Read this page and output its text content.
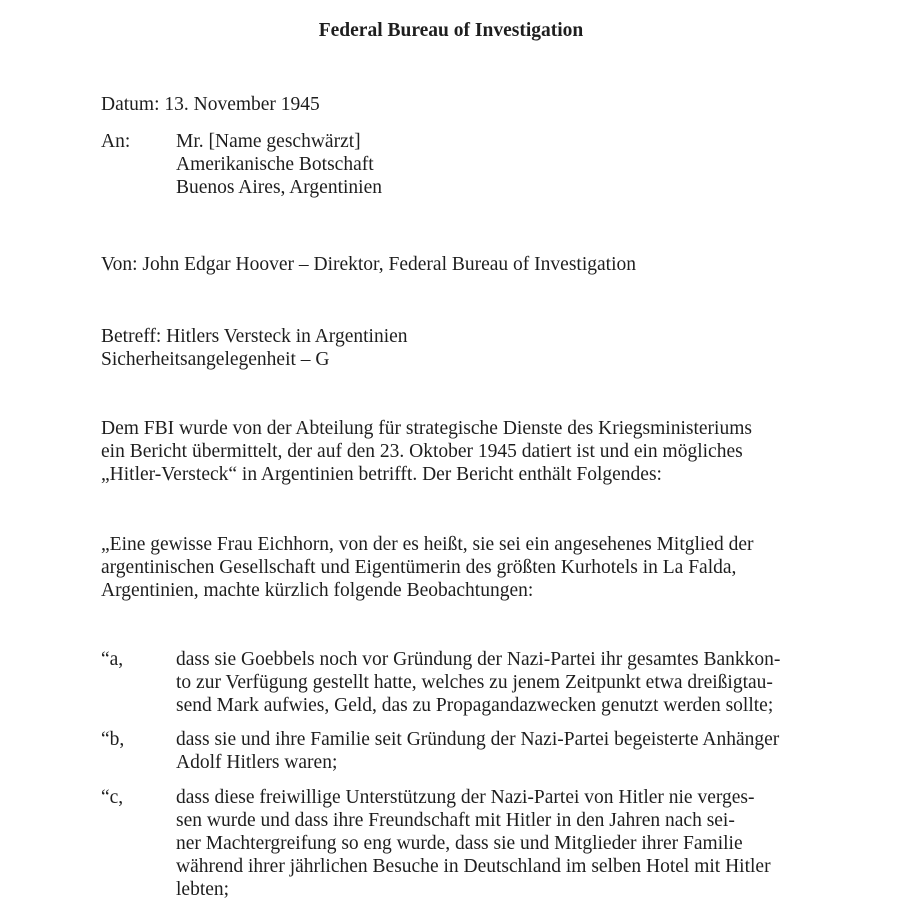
Federal Bureau of Investigation
Datum: 13. November 1945
An:	Mr. [Name geschwärzt]
Amerikanische Botschaft
Buenos Aires, Argentinien
Von: John Edgar Hoover – Direktor, Federal Bureau of Investigation
Betreff: Hitlers Versteck in Argentinien
Sicherheitsangelegenheit – G
Dem FBI wurde von der Abteilung für strategische Dienste des Kriegsministeriums
ein Bericht übermittelt, der auf den 23. Oktober 1945 datiert ist und ein mögliches
„Hitler-Versteck“ in Argentinien betrifft. Der Bericht enthält Folgendes:
„Eine gewisse Frau Eichhorn, von der es heißt, sie sei ein angesehenes Mitglied der
argentinischen Gesellschaft und Eigentümerin des größten Kurhotels in La Falda,
Argentinien, machte kürzlich folgende Beobachtungen:
“a,	dass sie Goebbels noch vor Gründung der Nazi-Partei ihr gesamtes Bankkon-
to zur Verfügung gestellt hatte, welches zu jenem Zeitpunkt etwa dreißigtau-
send Mark aufwies, Geld, das zu Propagandazwecken genutzt werden sollte;
“b,	dass sie und ihre Familie seit Gründung der Nazi-Partei begeisterte Anhänger
Adolf Hitlers waren;
“c,	dass diese freiwillige Unterstützung der Nazi-Partei von Hitler nie verges-
sen wurde und dass ihre Freundschaft mit Hitler in den Jahren nach sei-
ner Machtergreifung so eng wurde, dass sie und Mitglieder ihrer Familie
während ihrer jährlichen Besuche in Deutschland im selben Hotel mit Hitler
lebten;
